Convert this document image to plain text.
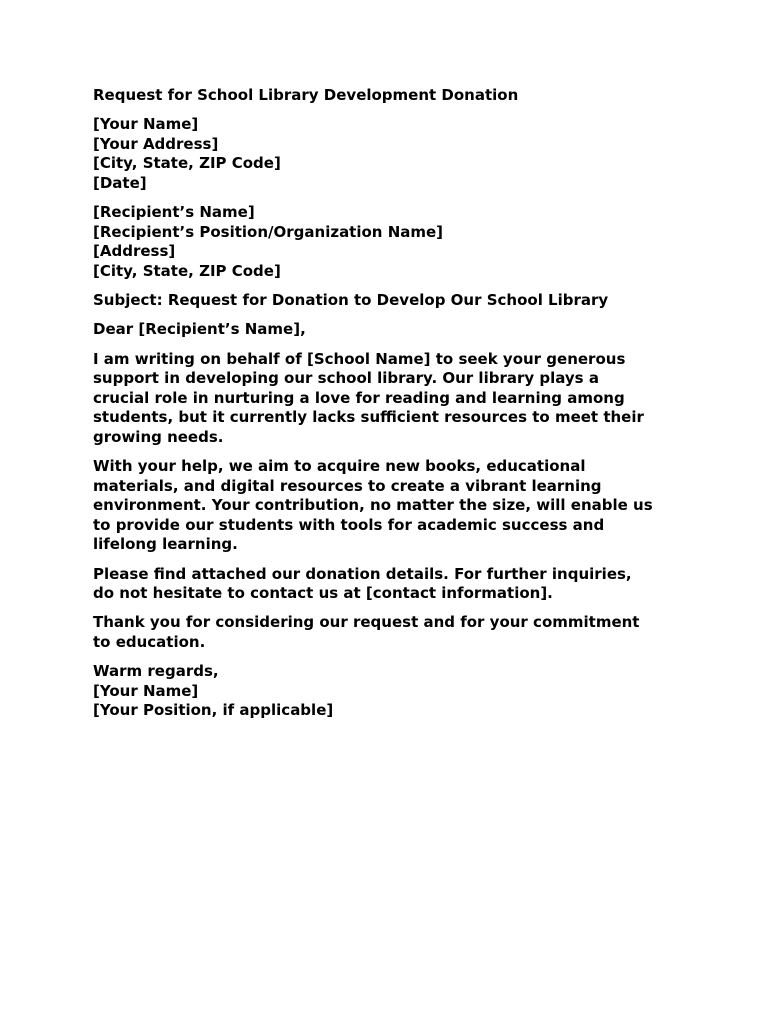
Request for School Library Development Donation
[Your Name]
[Your Address]
[City, State, ZIP Code]
[Date]
[Recipient’s Name]
[Recipient’s Position/Organization Name]
[Address]
[City, State, ZIP Code]
Subject: Request for Donation to Develop Our School Library
Dear [Recipient’s Name],
I am writing on behalf of [School Name] to seek your generous
support in developing our school library. Our library plays a
crucial role in nurturing a love for reading and learning among
students, but it currently lacks sufficient resources to meet their
growing needs.
With your help, we aim to acquire new books, educational
materials, and digital resources to create a vibrant learning
environment. Your contribution, no matter the size, will enable us
to provide our students with tools for academic success and
lifelong learning.
Please find attached our donation details. For further inquiries,
do not hesitate to contact us at [contact information].
Thank you for considering our request and for your commitment
to education.
Warm regards,
[Your Name]
[Your Position, if applicable]
